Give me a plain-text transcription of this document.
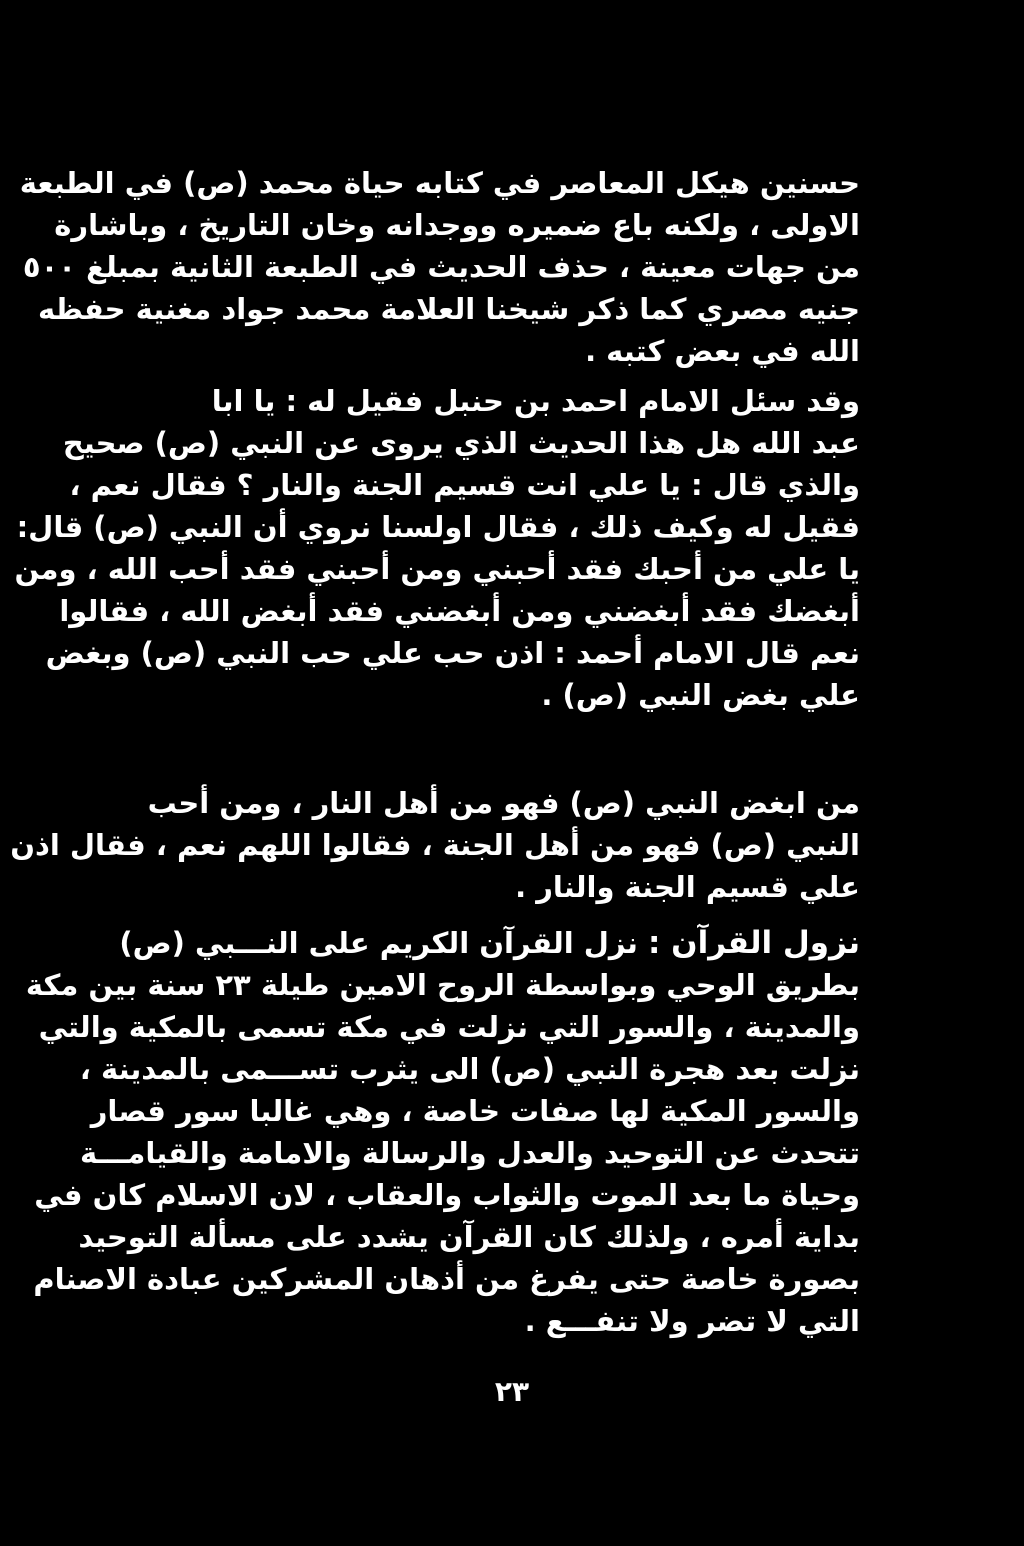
حسنين هيكل المعاصر في كتابه حياة محمد (ص) في الطبعة
الاولى ، ولكنه باع ضميره ووجدانه وخان التاريخ ، وباشارة
من جهات معينة ، حذف الحديث في الطبعة الثانية بمبلغ ٥٠٠
جنيه مصري كما ذكر شيخنا العلامة محمد جواد مغنية حفظه
الله في بعض كتبه .
وقد سئل الامام احمد بن حنبل فقيل له : يا ابا
عبد الله هل هذا الحديث الذي يروى عن النبي (ص) صحيح
والذي قال : يا علي انت قسيم الجنة والنار ؟ فقال نعم ،
فقيل له وكيف ذلك ، فقال اولسنا نروي أن النبي (ص) قال:
يا علي من أحبك فقد أحبني ومن أحبني فقد أحب الله ، ومن
أبغضك فقد أبغضني ومن أبغضني فقد أبغض الله ، فقالوا
نعم قال الامام أحمد : اذن حب علي حب النبي (ص) وبغض
علي بغض النبي (ص) .
من ابغض النبي (ص) فهو من أهل النار ، ومن أحب
النبي (ص) فهو من أهل الجنة ، فقالوا اللهم نعم ، فقال اذن
علي قسيم الجنة والنار .
نزول القرآن : نزل القرآن الكريم على النـــبي (ص)
بطريق الوحي وبواسطة الروح الامين طيلة ٢٣ سنة بين مكة
والمدينة ، والسور التي نزلت في مكة تسمى بالمكية والتي
نزلت بعد هجرة النبي (ص) الى يثرب تســـمى بالمدينة ،
والسور المكية لها صفات خاصة ، وهي غالبا سور قصار
تتحدث عن التوحيد والعدل والرسالة والامامة والقيامـــة
وحياة ما بعد الموت والثواب والعقاب ، لان الاسلام كان في
بداية أمره ، ولذلك كان القرآن يشدد على مسألة التوحيد
بصورة خاصة حتى يفرغ من أذهان المشركين عبادة الاصنام
التي لا تضر ولا تنفـــع .
٢٣
